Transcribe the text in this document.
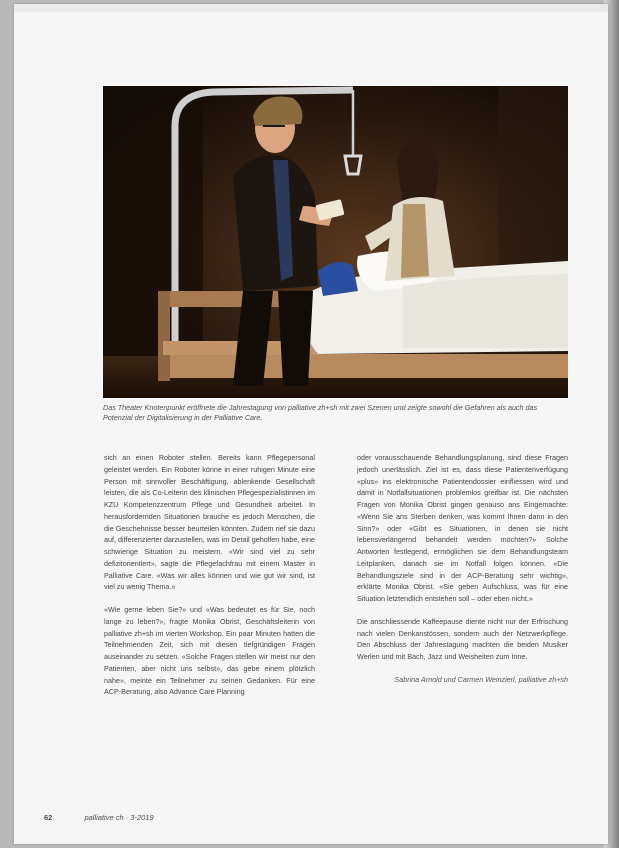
Das Theater Knotenpunkt eröffnete die Jahrestagung von palliative zh+sh mit zwei Szenen und zeigte sowohl die Gefahren als auch das Potenzial der Digitalisierung in der Palliative Care.

sich an einen Roboter stellen. Bereits kann Pflegepersonal geleistet werden. Ein Roboter könne in einer ruhigen Minute eine Person mit sinnvoller Beschäftigung, ablenkende Gesellschaft leisten, die als Co-Leiterin des klinischen Pflegespezialistinnen im KZU Kompetenzzentrum Pflege und Gesundheit arbeitet. In herausfordernden Situationen brauche es jedoch Menschen, die die Geschehnisse besser beurteilen könnten. Zudem rief sie dazu auf, differenzierter darzustellen, was im Detail geholfen habe, eine schwierige Situation zu meistern. «Wir sind viel zu sehr defizitorientiert», sagte die Pflegefachfrau mit einem Master in Palliative Care. «Was wir alles können und wie gut wir sind, ist viel zu wenig Thema.»

«Wie gerne leben Sie?» und «Was bedeutet es für Sie, noch lange zu leben?», fragte Monika Obrist, Geschäftsleiterin von palliative zh+sh im vierten Workshop. Ein paar Minuten hatten die Teilnehmenden Zeit, sich mit diesen tiefgründigen Fragen auseinander zu setzen. «Solche Fragen stellen wir meist nur den Patienten, aber nicht uns selbst», das gebe einem plötzlich nahe», meinte ein Teilnehmer zu seinen Gedanken. Für eine ACP-Beratung, also Advance Care Planning

oder vorausschauende Behandlungsplanung, sind diese Fragen jedoch unerlässlich. Ziel ist es, dass diese Patientenverfügung «plus» ins elektronische Patientendossier einfliessen wird und damit in Notfallsituationen problemlos greifbar ist. Die nächsten Fragen von Monika Obrist gingen genauso ans Eingemachte: «Wenn Sie ans Sterben denken, was kommt Ihnen dann in den Sinn?» oder «Gibt es Situationen, in denen sie nicht lebensverlängernd behandelt werden möchten?» Solche Antworten festlegend, ermöglichen sie dem Behandlungsteam Leitplanken, danach sie im Notfall folgen können. «Die Behandlungsziele sind in der ACP-Beratung sehr wichtig», erklärte Monika Obrist. «Sie geben Aufschluss, was für eine Situation letztendlich entstehen soll – oder eben nicht.»

Die anschliessende Kaffeepause diente nicht nur der Erfrischung nach vielen Denkanstössen, sondern auch der Netzwerkpflege. Den Abschluss der Jahrestagung machten die beiden Musiker Werlen und mit Bach, Jazz und Weisheiten zum Inne.

Sabrina Arnold und Carmen Weinzierl, palliative zh+sh

62	palliative ch · 3-2019
